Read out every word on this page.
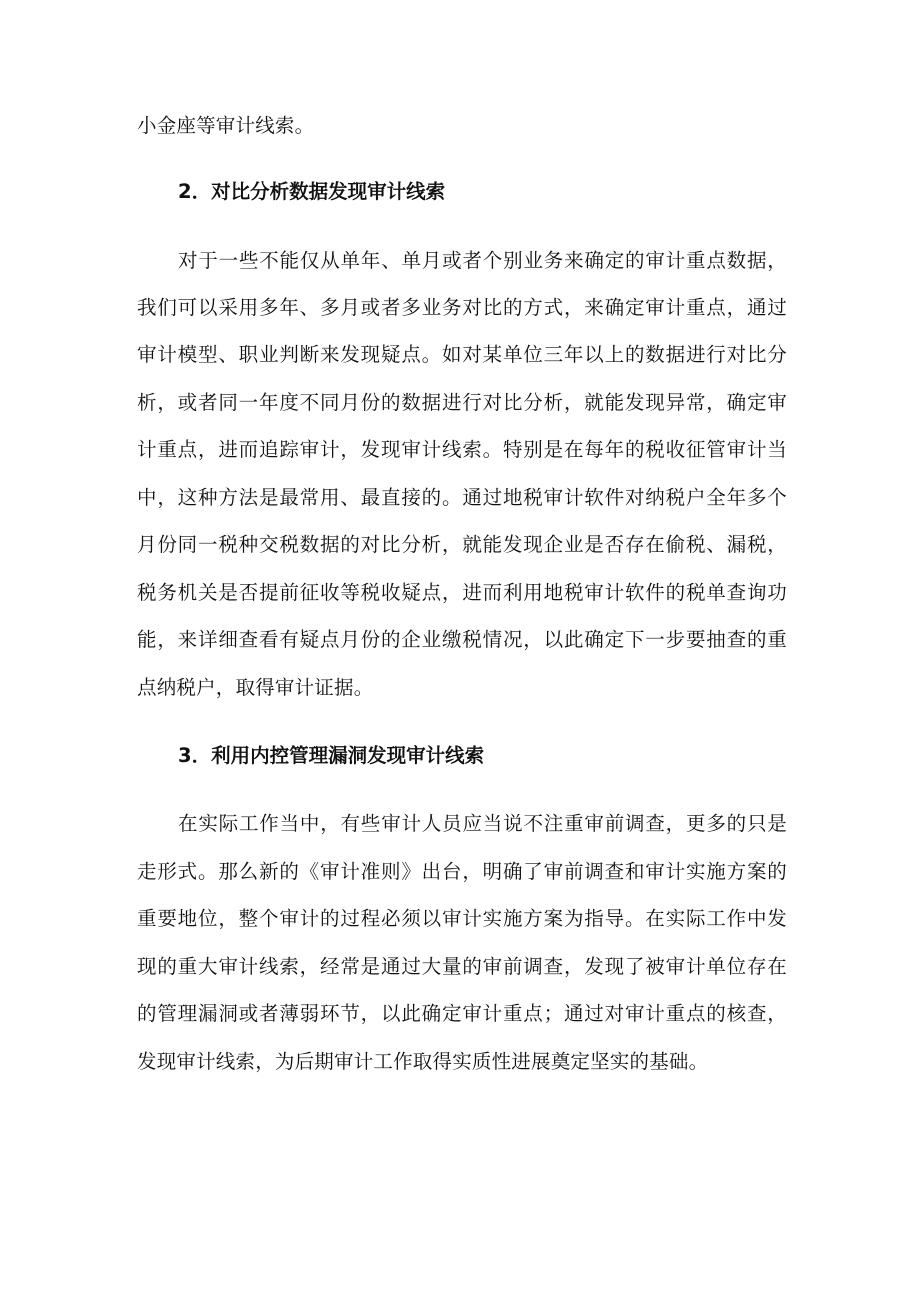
小金座等审计线索。
2．对比分析数据发现审计线索
对于一些不能仅从单年、单月或者个别业务来确定的审计重点数据，
我们可以采用多年、多月或者多业务对比的方式，来确定审计重点，通过
审计模型、职业判断来发现疑点。如对某单位三年以上的数据进行对比分
析，或者同一年度不同月份的数据进行对比分析，就能发现异常，确定审
计重点，进而追踪审计，发现审计线索。特别是在每年的税收征管审计当
中，这种方法是最常用、最直接的。通过地税审计软件对纳税户全年多个
月份同一税种交税数据的对比分析，就能发现企业是否存在偷税、漏税，
税务机关是否提前征收等税收疑点，进而利用地税审计软件的税单查询功
能，来详细查看有疑点月份的企业缴税情况，以此确定下一步要抽查的重
点纳税户，取得审计证据。
3．利用内控管理漏洞发现审计线索
在实际工作当中，有些审计人员应当说不注重审前调查，更多的只是
走形式。那么新的《审计准则》出台，明确了审前调查和审计实施方案的
重要地位，整个审计的过程必须以审计实施方案为指导。在实际工作中发
现的重大审计线索，经常是通过大量的审前调查，发现了被审计单位存在
的管理漏洞或者薄弱环节，以此确定审计重点；通过对审计重点的核查，
发现审计线索，为后期审计工作取得实质性进展奠定坚实的基础。
